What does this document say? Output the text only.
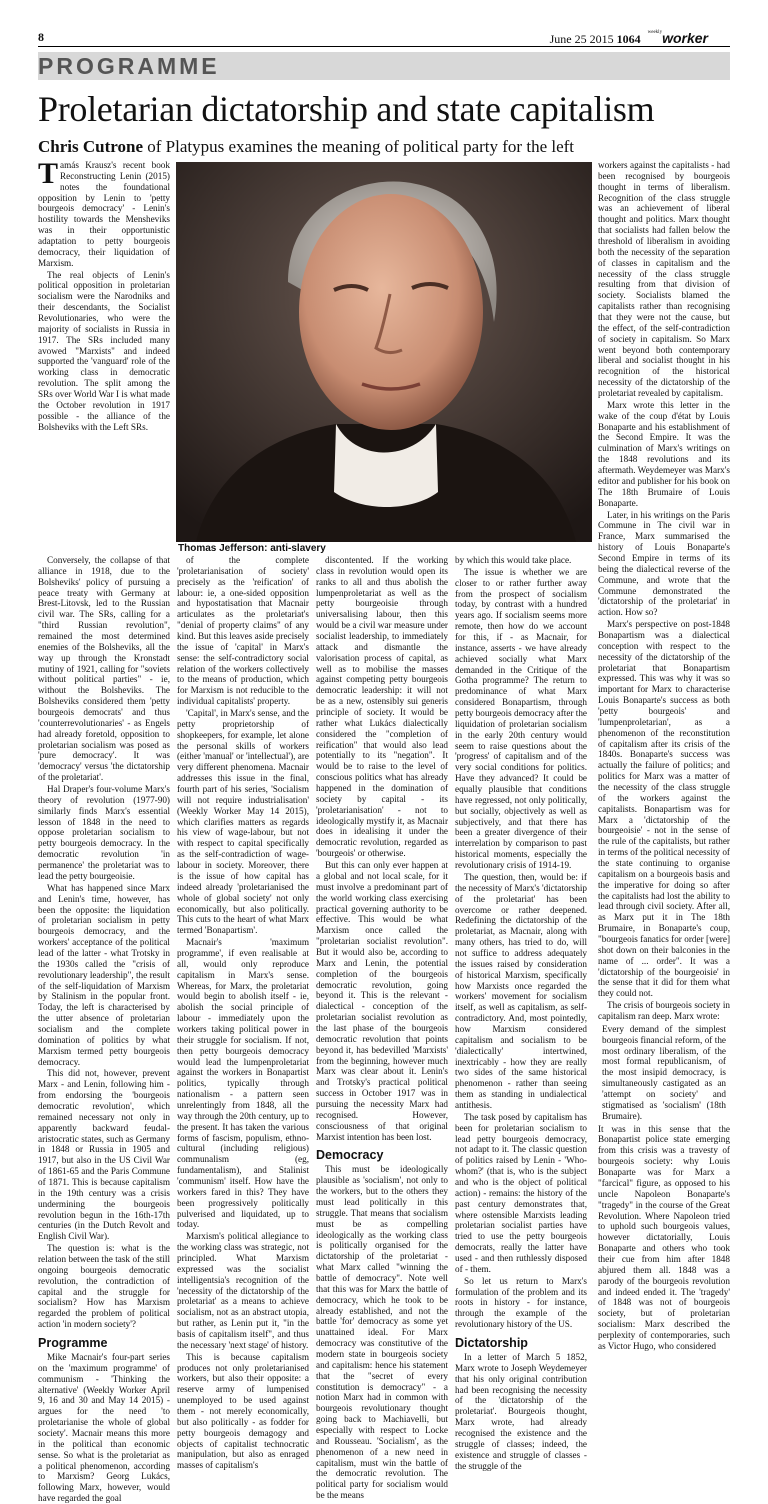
8	June 25 2015 1064 $^{weekly}$worker
PROGRAMME
Proletarian dictatorship and state capitalism
Chris Cutrone of Platypus examines the meaning of political party for the left
Thomas Jefferson: anti-slavery
T amás Krausz's recent book Reconstructing Lenin (2015) notes the foundational opposition by Lenin to 'petty bourgeois democracy' - Lenin's hostility towards the Mensheviks was in their opportunistic adaptation to petty bourgeois democracy, their liquidation of Marxism.

The real objects of Lenin's political opposition in proletarian socialism were the Narodniks and their descendants, the Socialist Revolutionaries, who were the majority of socialists in Russia in 1917. The SRs included many avowed "Marxists" and indeed supported the 'vanguard' role of the working class in democratic revolution. The split among the SRs over World War I is what made the October revolution in 1917 possible - the alliance of the Bolsheviks with the Left SRs.

Conversely, the collapse of that alliance in 1918, due to the Bolsheviks' policy of pursuing a peace treaty with Germany at Brest-Litovsk, led to the Russian civil war. The SRs, calling for a "third Russian revolution", remained the most determined enemies of the Bolsheviks, all the way up through the Kronstadt mutiny of 1921, calling for "soviets without political parties" - ie, without the Bolsheviks. The Bolsheviks considered them 'petty bourgeois democrats' and thus 'counterrevolutionaries' - as Engels had already foretold, opposition to proletarian socialism was posed as 'pure democracy'. It was 'democracy' versus 'the dictatorship of the proletariat'.

Hal Draper's four-volume Marx's theory of revolution (1977-90) similarly finds Marx's essential lesson of 1848 in the need to oppose proletarian socialism to petty bourgeois democracy. In the democratic revolution 'in permanence' the proletariat was to lead the petty bourgeoisie.

What has happened since Marx and Lenin's time, however, has been the opposite: the liquidation of proletarian socialism in petty bourgeois democracy, and the workers' acceptance of the political lead of the latter - what Trotsky in the 1930s called the "crisis of revolutionary leadership", the result of the self-liquidation of Marxism by Stalinism in the popular front. Today, the left is characterised by the utter absence of proletarian socialism and the complete domination of politics by what Marxism termed petty bourgeois democracy.

This did not, however, prevent Marx - and Lenin, following him - from endorsing the 'bourgeois democratic revolution', which remained necessary not only in apparently backward feudal-aristocratic states, such as Germany in 1848 or Russia in 1905 and 1917, but also in the US Civil War of 1861-65 and the Paris Commune of 1871. This is because capitalism in the 19th century was a crisis undermining the bourgeois revolution begun in the 16th-17th centuries (in the Dutch Revolt and English Civil War).

The question is: what is the relation between the task of the still ongoing bourgeois democratic revolution, the contradiction of capital and the struggle for socialism? How has Marxism regarded the problem of political action 'in modern society'?

Programme

Mike Macnair's four-part series on the 'maximum programme' of communism - 'Thinking the alternative' (Weekly Worker April 9, 16 and 30 and May 14 2015) - argues for the need 'to proletarianise the whole of global society'. Macnair means this more in the political than economic sense. So what is the proletariat as a political phenomenon, according to Marxism? Georg Lukács, following Marx, however, would have regarded the goal

of the complete 'proletarianisation of society' precisely as the 'reification' of labour: ie, a one-sided opposition and hypostatisation that Macnair articulates as the proletariat's "denial of property claims" of any kind. But this leaves aside precisely the issue of 'capital' in Marx's sense: the self-contradictory social relation of the workers collectively to the means of production, which for Marxism is not reducible to the individual capitalists' property.

'Capital', in Marx's sense, and the petty proprietorship of shopkeepers, for example, let alone the personal skills of workers (either 'manual' or 'intellectual'), are very different phenomena. Macnair addresses this issue in the final, fourth part of his series, 'Socialism will not require industrialisation' (Weekly Worker May 14 2015), which clarifies matters as regards his view of wage-labour, but not with respect to capital specifically as the self-contradiction of wage-labour in society. Moreover, there is the issue of how capital has indeed already 'proletarianised the whole of global society' not only economically, but also politically. This cuts to the heart of what Marx termed 'Bonapartism'.

Macnair's 'maximum programme', if even realisable at all, would only reproduce capitalism in Marx's sense. Whereas, for Marx, the proletariat would begin to abolish itself - ie, abolish the social principle of labour - immediately upon the workers taking political power in their struggle for socialism. If not, then petty bourgeois democracy would lead the lumpenproletariat against the workers in Bonapartist politics, typically through nationalism - a pattern seen unrelentingly from 1848, all the way through the 20th century, up to the present. It has taken the various forms of fascism, populism, ethno-cultural (including religious) communalism (eg, fundamentalism), and Stalinist 'communism' itself. How have the workers fared in this? They have been progressively politically pulverised and liquidated, up to today.

Marxism's political allegiance to the working class was strategic, not principled. What Marxism expressed was the socialist intelligentsia's recognition of the 'necessity of the dictatorship of the proletariat' as a means to achieve socialism, not as an abstract utopia, but rather, as Lenin put it, "in the basis of capitalism itself", and thus the necessary 'next stage' of history.

This is because capitalism produces not only proletarianised workers, but also their opposite: a reserve army of lumpenised unemployed to be used against them - not merely economically, but also politically - as fodder for petty bourgeois demagogy and objects of capitalist technocratic manipulation, but also as enraged masses of capitalism's

discontented. If the working class in revolution would open its ranks to all and thus abolish the lumpenproletariat as well as the petty bourgeoisie through universalising labour, then this would be a civil war measure under socialist leadership, to immediately attack and dismantle the valorisation process of capital, as well as to mobilise the masses against competing petty bourgeois democratic leadership: it will not be as a new, ostensibly sui generis principle of society. It would be rather what Lukács dialectically considered the "completion of reification" that would also lead potentially to its "negation". It would be to raise to the level of conscious politics what has already happened in the domination of society by capital - its 'proletarianisation' - not to ideologically mystify it, as Macnair does in idealising it under the democratic revolution, regarded as 'bourgeois' or otherwise.

But this can only ever happen at a global and not local scale, for it must involve a predominant part of the world working class exercising practical governing authority to be effective. This would be what Marxism once called the "proletarian socialist revolution". But it would also be, according to Marx and Lenin, the potential completion of the bourgeois democratic revolution, going beyond it. This is the relevant - dialectical - conception of the proletarian socialist revolution as the last phase of the bourgeois democratic revolution that points beyond it, has bedevilled 'Marxists' from the beginning, however much Marx was clear about it. Lenin's and Trotsky's practical political success in October 1917 was in pursuing the necessity Marx had recognised. However, consciousness of that original Marxist intention has been lost.

Democracy

This must be ideologically plausible as 'socialism', not only to the workers, but to the others they must lead politically in this struggle. That means that socialism must be as compelling ideologically as the working class is politically organised for the dictatorship of the proletariat - what Marx called "winning the battle of democracy". Note well that this was for Marx the battle of democracy, which he took to be already established, and not the battle 'for' democracy as some yet unattained ideal. For Marx democracy was constitutive of the modern state in bourgeois society and capitalism: hence his statement that the "secret of every constitution is democracy" - a notion Marx had in common with bourgeois revolutionary thought going back to Machiavelli, but especially with respect to Locke and Rousseau. 'Socialism', as the phenomenon of a new need in capitalism, must win the battle of the democratic revolution. The political party for socialism would be the means

by which this would take place.

The issue is whether we are closer to or rather further away from the prospect of socialism today, by contrast with a hundred years ago. If socialism seems more remote, then how do we account for this, if - as Macnair, for instance, asserts - we have already achieved socially what Marx demanded in the Critique of the Gotha programme? The return to predominance of what Marx considered Bonapartism, through petty bourgeois democracy after the liquidation of proletarian socialism in the early 20th century would seem to raise questions about the 'progress' of capitalism and of the very social conditions for politics. Have they advanced? It could be equally plausible that conditions have regressed, not only politically, but socially, objectively as well as subjectively, and that there has been a greater divergence of their interrelation by comparison to past historical moments, especially the revolutionary crisis of 1914-19.

The question, then, would be: if the necessity of Marx's 'dictatorship of the proletariat' has been overcome or rather deepened. Redefining the dictatorship of the proletariat, as Macnair, along with many others, has tried to do, will not suffice to address adequately the issues raised by consideration of historical Marxism, specifically how Marxists once regarded the workers' movement for socialism itself, as well as capitalism, as self-contradictory. And, most pointedly, how Marxism considered capitalism and socialism to be 'dialectically' intertwined, inextricably - how they are really two sides of the same historical phenomenon - rather than seeing them as standing in undialectical antithesis.

The task posed by capitalism has been for proletarian socialism to lead petty bourgeois democracy, not adapt to it. The classic question of politics raised by Lenin - 'Who-whom?' (that is, who is the subject and who is the object of political action) - remains: the history of the past century demonstrates that, where ostensible Marxists leading proletarian socialist parties have tried to use the petty bourgeois democrats, really the latter have used - and then ruthlessly disposed of - them.

So let us return to Marx's formulation of the problem and its roots in history - for instance, through the example of the revolutionary history of the US.

Dictatorship

In a letter of March 5 1852, Marx wrote to Joseph Weydemeyer that his only original contribution had been recognising the necessity of the 'dictatorship of the proletariat'. Bourgeois thought, Marx wrote, had already recognised the existence and the struggle of classes; indeed, the existence and struggle of classes - the struggle of the

workers against the capitalists - had been recognised by bourgeois thought in terms of liberalism. Recognition of the class struggle was an achievement of liberal thought and politics. Marx thought that socialists had fallen below the threshold of liberalism in avoiding both the necessity of the separation of classes in capitalism and the necessity of the class struggle resulting from that division of society. Socialists blamed the capitalists rather than recognising that they were not the cause, but the effect, of the self-contradiction of society in capitalism. So Marx went beyond both contemporary liberal and socialist thought in his recognition of the historical necessity of the dictatorship of the proletariat revealed by capitalism.

Marx wrote this letter in the wake of the coup d'état by Louis Bonaparte and his establishment of the Second Empire. It was the culmination of Marx's writings on the 1848 revolutions and its aftermath. Weydemeyer was Marx's editor and publisher for his book on The 18th Brumaire of Louis Bonaparte.

Later, in his writings on the Paris Commune in The civil war in France, Marx summarised the history of Louis Bonaparte's Second Empire in terms of its being the dialectical reverse of the Commune, and wrote that the Commune demonstrated the 'dictatorship of the proletariat' in action. How so?

Marx's perspective on post-1848 Bonapartism was a dialectical conception with respect to the necessity of the dictatorship of the proletariat that Bonapartism expressed. This was why it was so important for Marx to characterise Louis Bonaparte's success as both 'petty bourgeois' and 'lumpenproletarian', as a phenomenon of the reconstitution of capitalism after its crisis of the 1840s. Bonaparte's success was actually the failure of politics; and politics for Marx was a matter of the necessity of the class struggle of the workers against the capitalists. Bonapartism was for Marx a 'dictatorship of the bourgeoisie' - not in the sense of the rule of the capitalists, but rather in terms of the political necessity of the state continuing to organise capitalism on a bourgeois basis and the imperative for doing so after the capitalists had lost the ability to lead through civil society. After all, as Marx put it in The 18th Brumaire, in Bonaparte's coup, "bourgeois fanatics for order [were] shot down on their balconies in the name of ... order". It was a 'dictatorship of the bourgeoisie' in the sense that it did for them what they could not.

The crisis of bourgeois society in capitalism ran deep. Marx wrote:

Every demand of the simplest bourgeois financial reform, of the most ordinary liberalism, of the most formal republicanism, of the most insipid democracy, is simultaneously castigated as an 'attempt on society' and stigmatised as 'socialism' (18th Brumaire).

It was in this sense that the Bonapartist police state emerging from this crisis was a travesty of bourgeois society: why Louis Bonaparte was for Marx a "farcical" figure, as opposed to his uncle Napoleon Bonaparte's "tragedy" in the course of the Great Revolution. Where Napoleon tried to uphold such bourgeois values, however dictatorially, Louis Bonaparte and others who took their cue from him after 1848 abjured them all. 1848 was a parody of the bourgeois revolution and indeed ended it. The 'tragedy' of 1848 was not of bourgeois society, but of proletarian socialism: Marx described the perplexity of contemporaries, such as Victor Hugo, who considered
